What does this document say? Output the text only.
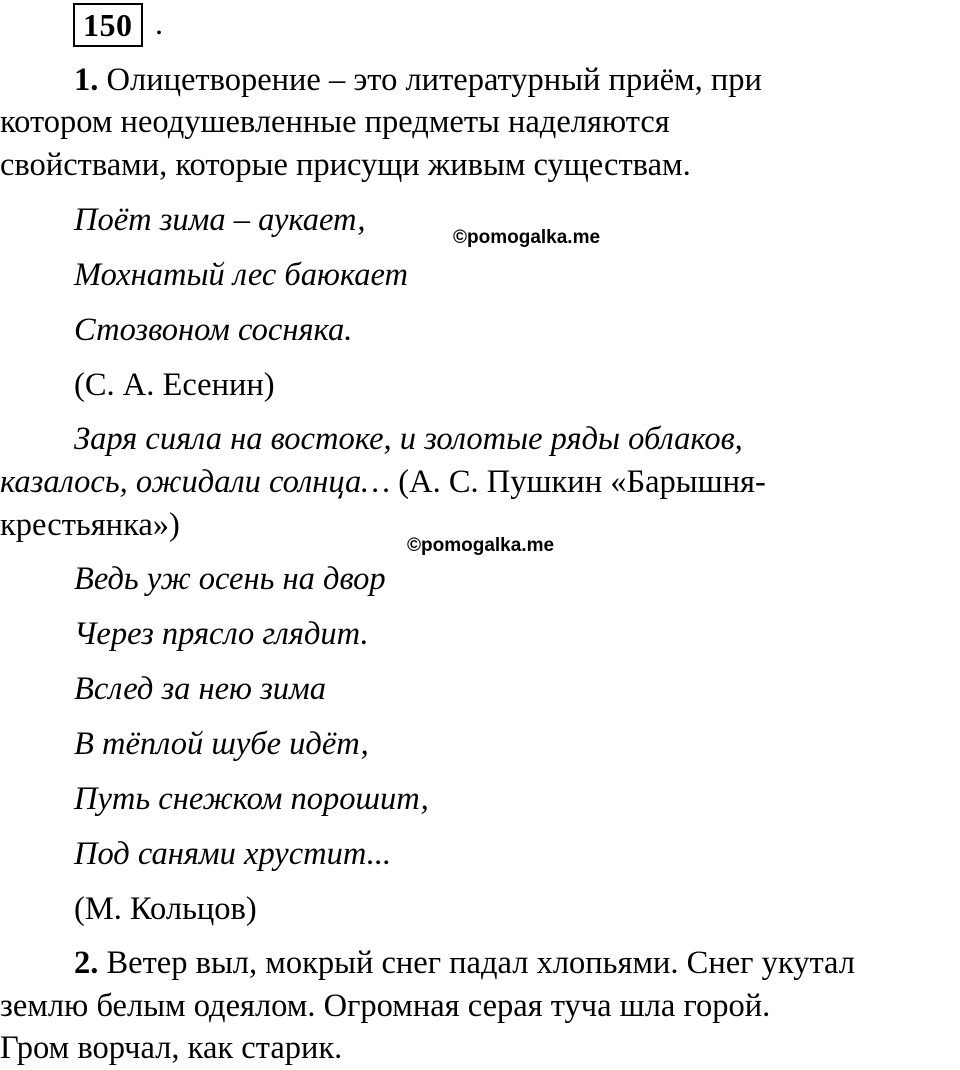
150 .
1. Олицетворение – это литературный приём, при
котором неодушевленные предметы наделяются
свойствами, которые присущи живым существам.
Поёт зима – аукает,	©pomogalka.me
Мохнатый лес баюкает
Стозвоном сосняка.
(С. А. Есенин)
Заря сияла на востоке, и золотые ряды облаков,
казалось, ожидали солнца… (А. С. Пушкин «Барышня-
крестьянка»)
©pomogalka.me
Ведь уж осень на двор
Через прясло глядит.
Вслед за нею зима
В тёплой шубе идёт,
Путь снежком порошит,
Под санями хрустит...
(М. Кольцов)
2. Ветер выл, мокрый снег падал хлопьями. Снег укутал
землю белым одеялом. Огромная серая туча шла горой.
Гром ворчал, как старик.
